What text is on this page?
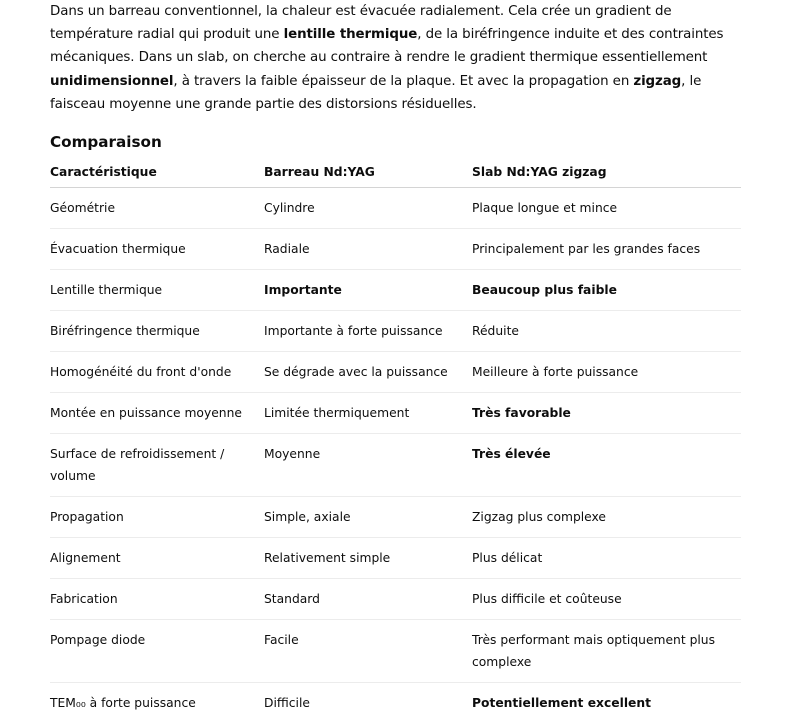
Dans un barreau conventionnel, la chaleur est évacuée radialement. Cela crée un gradient de température radial qui produit une lentille thermique, de la biréfringence induite et des contraintes mécaniques. Dans un slab, on cherche au contraire à rendre le gradient thermique essentiellement unidimensionnel, à travers la faible épaisseur de la plaque. Et avec la propagation en zigzag, le faisceau moyenne une grande partie des distorsions résiduelles.

Comparaison
Caractéristique	Barreau Nd:YAG	Slab Nd:YAG zigzag
Géométrie	Cylindre	Plaque longue et mince
Évacuation thermique	Radiale	Principalement par les grandes faces
Lentille thermique	Importante	Beaucoup plus faible
Biréfringence thermique	Importante à forte puissance	Réduite
Homogénéité du front d'onde	Se dégrade avec la puissance	Meilleure à forte puissance
Montée en puissance moyenne	Limitée thermiquement	Très favorable
Surface de refroidissement / volume	Moyenne	Très élevée
Propagation	Simple, axiale	Zigzag plus complexe
Alignement	Relativement simple	Plus délicat
Fabrication	Standard	Plus difficile et coûteuse
Pompage diode	Facile	Très performant mais optiquement plus complexe
TEM₀₀ à forte puissance	Difficile	Potentiellement excellent
